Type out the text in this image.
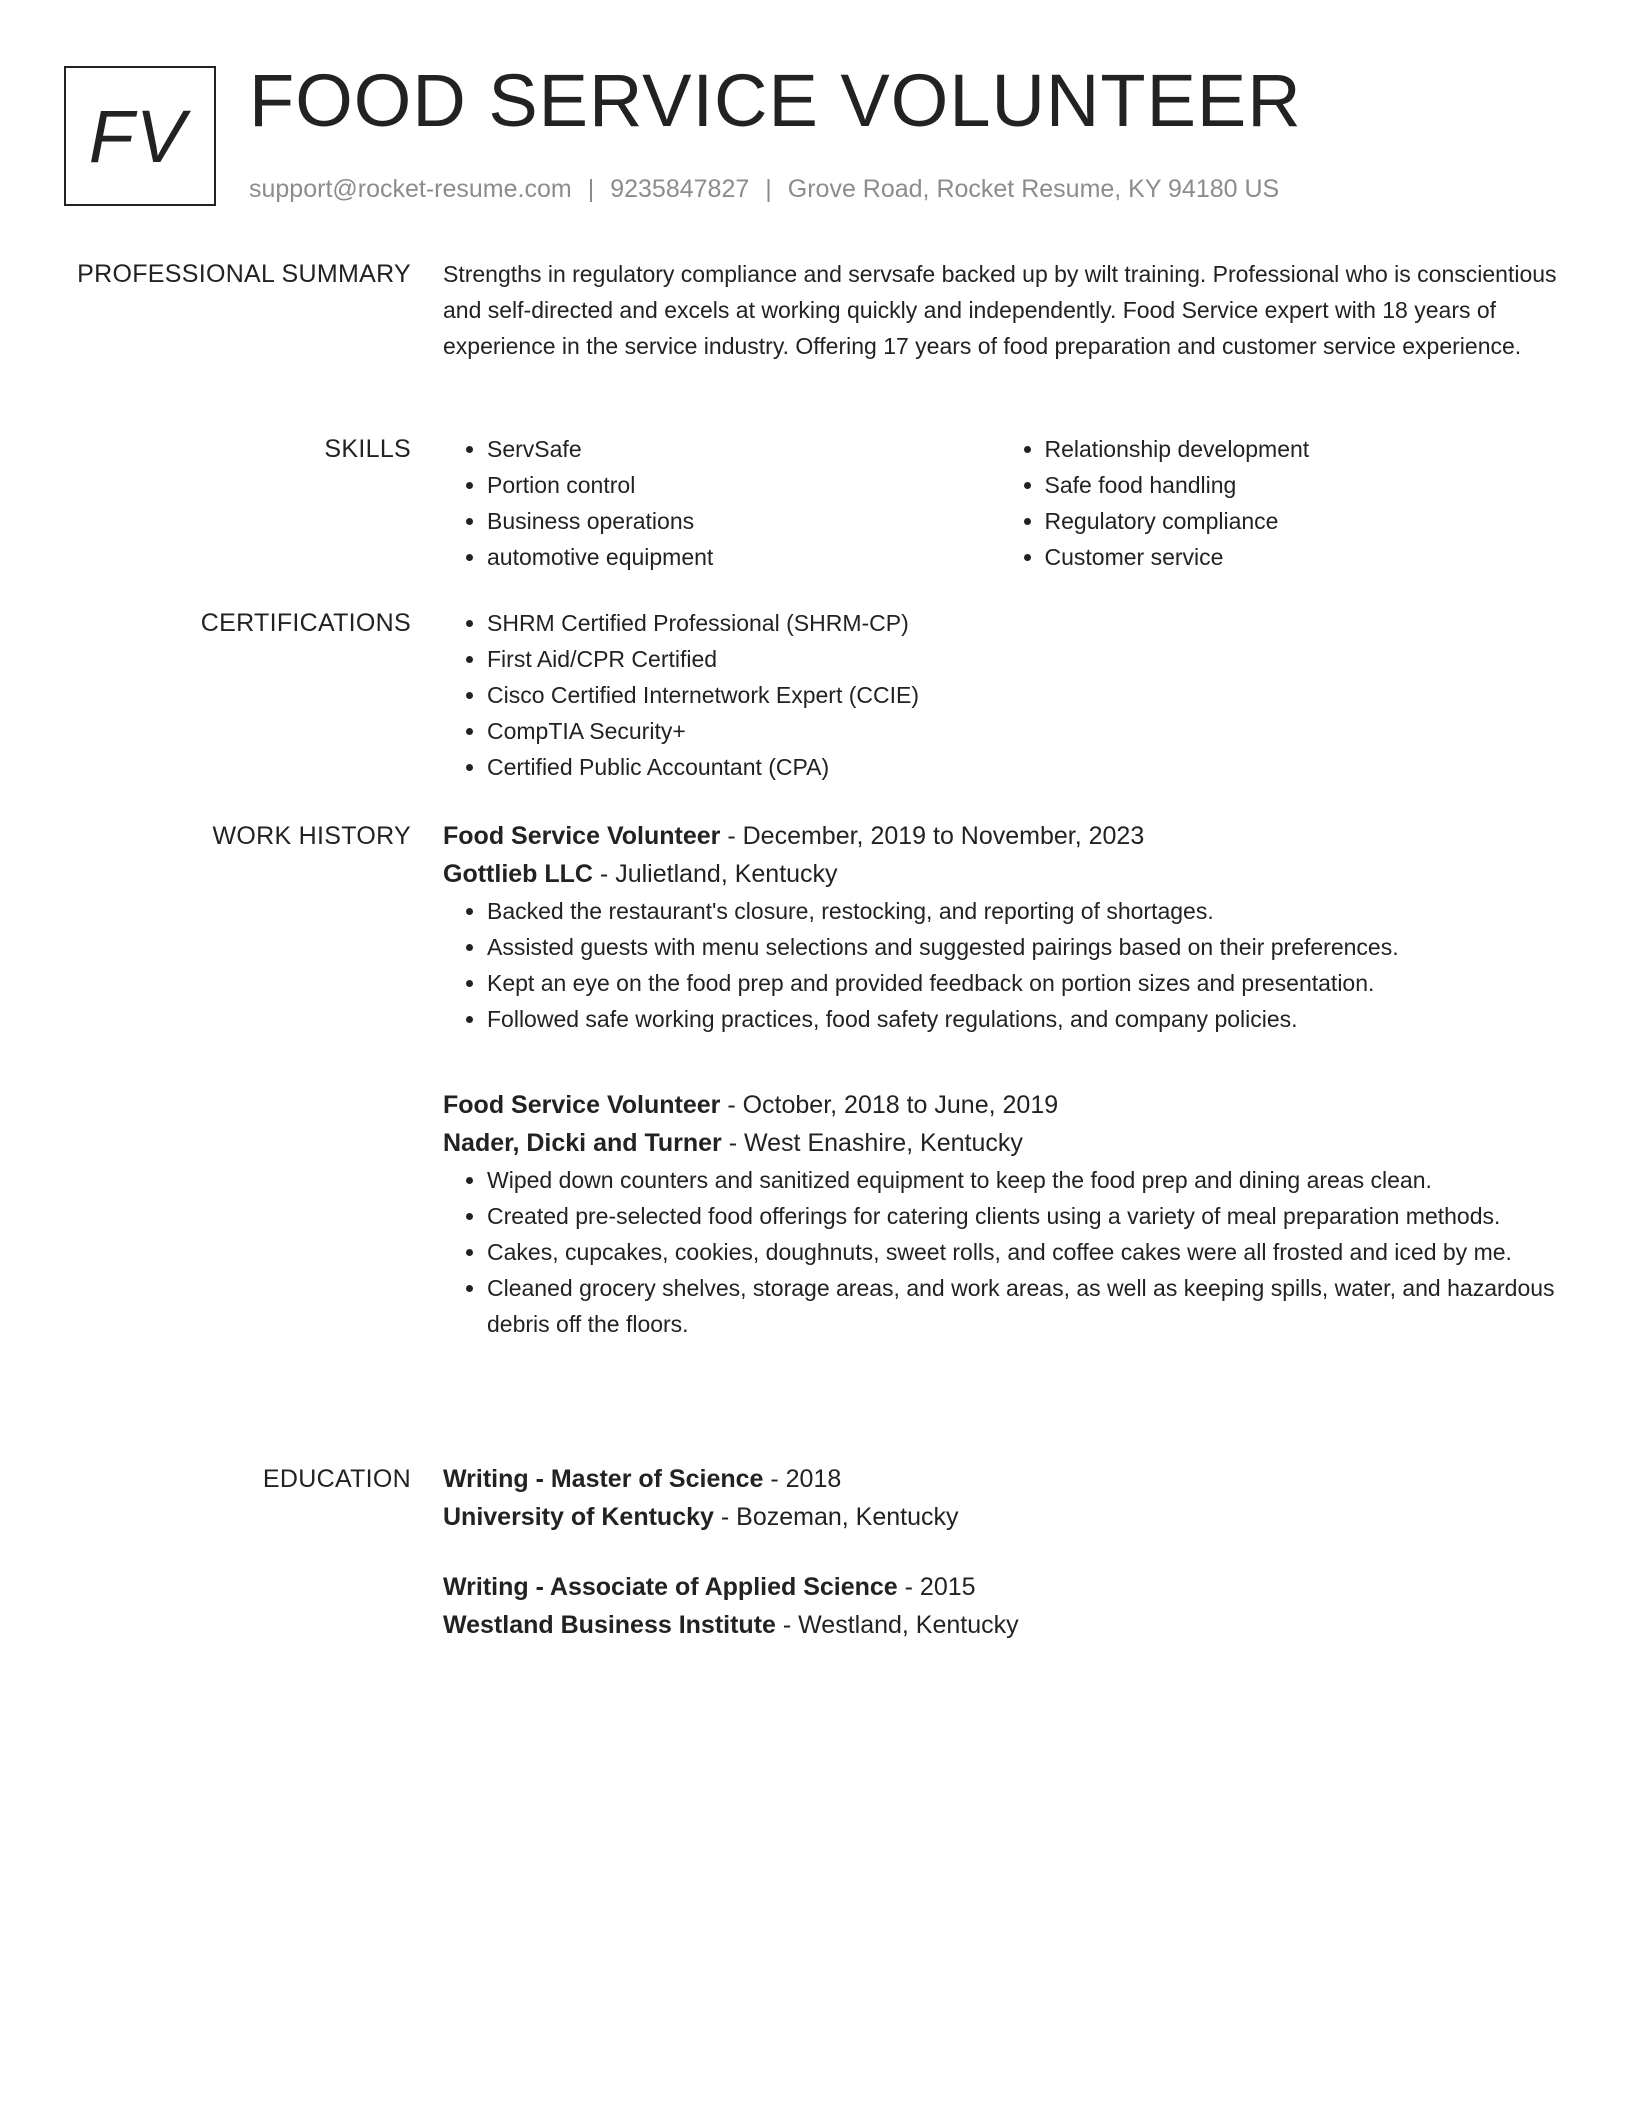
FV FOOD SERVICE VOLUNTEER
support@rocket-resume.com | 9235847827 | Grove Road, Rocket Resume, KY 94180 US
PROFESSIONAL SUMMARY Strengths in regulatory compliance and servsafe backed up by wilt training. Professional who is conscientious and self-directed and excels at working quickly and independently. Food Service expert with 18 years of experience in the service industry. Offering 17 years of food preparation and customer service experience.

SKILLS	• ServSafe
• Portion control
• Business operations
• automotive equipment
• Relationship development
• Safe food handling
• Regulatory compliance
• Customer service
CERTIFICATIONS	• SHRM Certified Professional (SHRM-CP)
• First Aid/CPR Certified
• Cisco Certified Internetwork Expert (CCIE)
• CompTIA Security+
• Certified Public Accountant (CPA)
WORK HISTORY Food Service Volunteer - December, 2019 to November, 2023
Gottlieb LLC - Julietland, Kentucky
• Backed the restaurant's closure, restocking, and reporting of shortages.
• Assisted guests with menu selections and suggested pairings based on their preferences.
• Kept an eye on the food prep and provided feedback on portion sizes and presentation.
• Followed safe working practices, food safety regulations, and company policies.
Food Service Volunteer - October, 2018 to June, 2019
Nader, Dicki and Turner - West Enashire, Kentucky
• Wiped down counters and sanitized equipment to keep the food prep and dining areas clean.
• Created pre-selected food offerings for catering clients using a variety of meal preparation methods.
• Cakes, cupcakes, cookies, doughnuts, sweet rolls, and coffee cakes were all frosted and iced by me.
• Cleaned grocery shelves, storage areas, and work areas, as well as keeping spills, water, and hazardous debris off the floors.
EDUCATION Writing - Master of Science - 2018
University of Kentucky - Bozeman, Kentucky
Writing - Associate of Applied Science - 2015
Westland Business Institute - Westland, Kentucky
